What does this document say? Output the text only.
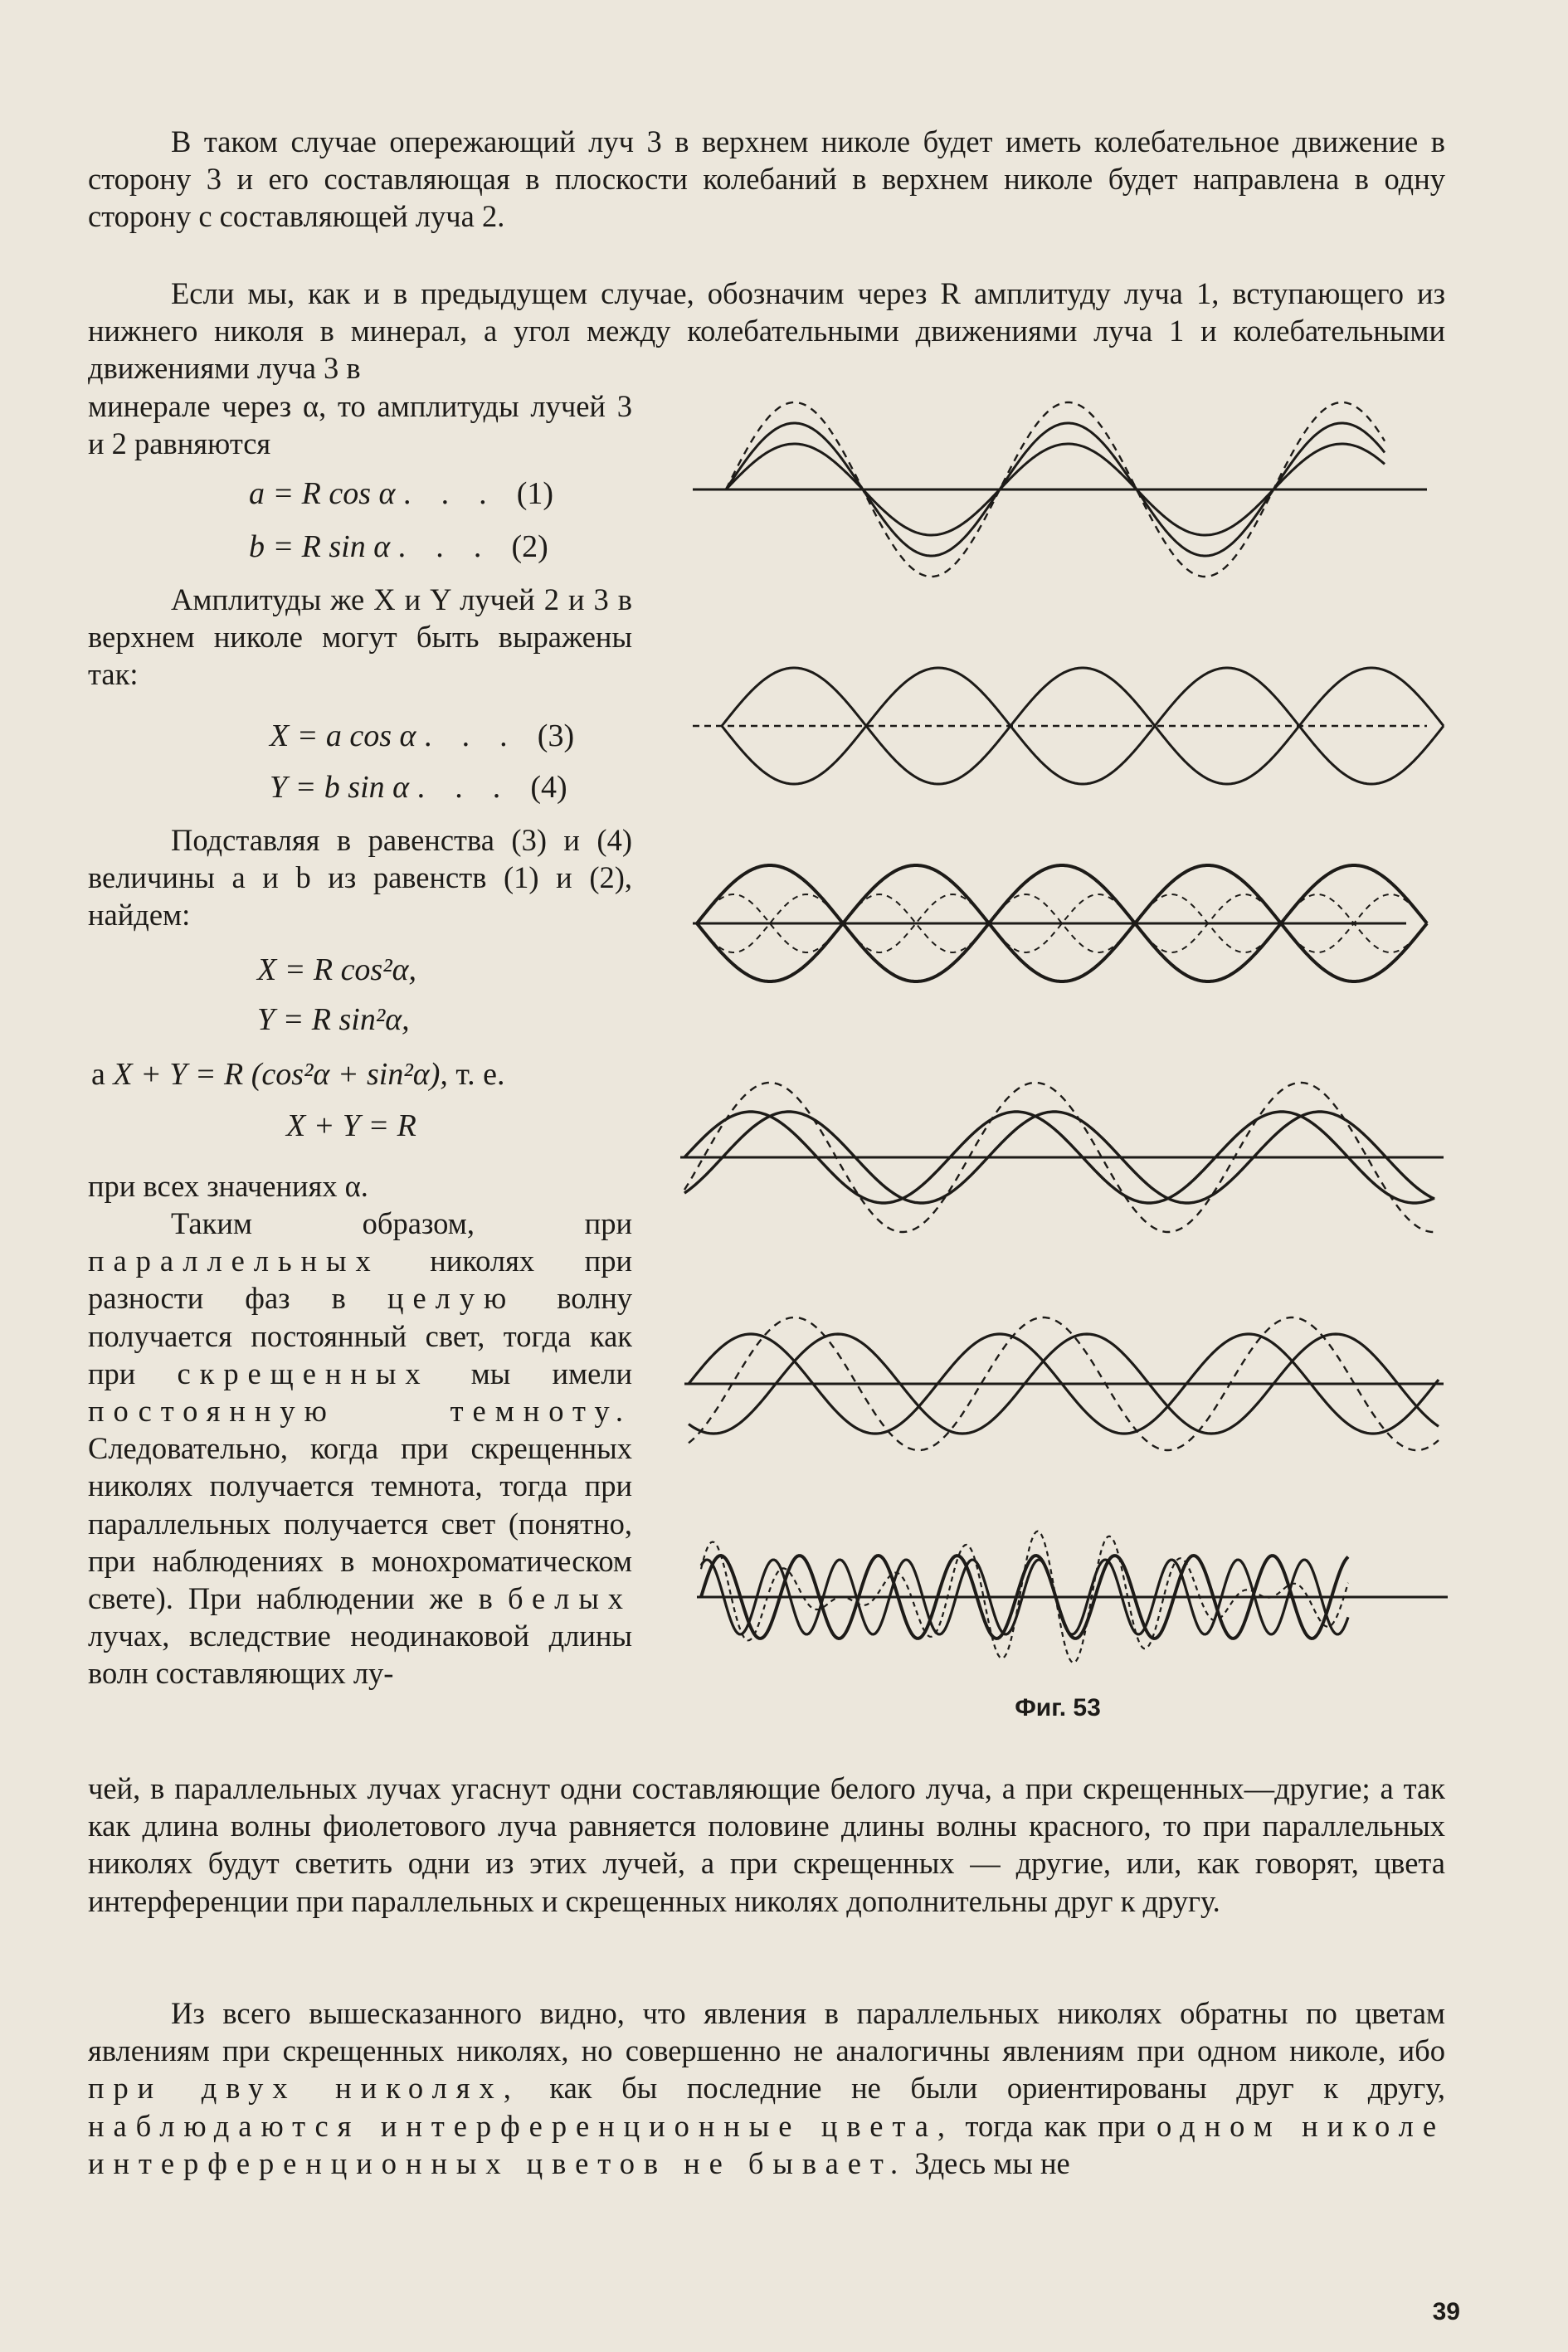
В таком случае опережающий луч 3 в верхнем николе будет иметь колебательное движение в сторону 3 и его составляющая в плоскости колебаний в верхнем николе будет направлена в одну сторону с составляющей луча 2.

Если мы, как и в предыдущем случае, обозначим через R амплитуду луча 1, вступающего из нижнего николя в минерал, а угол между колебательными движениями луча 1 и колебательными движениями луча 3 в

минерале через α, то амплитуды лучей 3 и 2 равняются

a = R cos α . . . (1)
b = R sin α . . . (2)

Амплитуды же X и Y лучей 2 и 3 в верхнем николе могут быть выражены так:

X = a cos α . . . (3)
Y = b sin α . . . (4)

Подставляя в равенства (3) и (4) величины a и b из равенств (1) и (2), найдем:

X = R cos²α,
Y = R sin²α,
а X + Y = R (cos²α + sin²α), т. е.
X + Y = R

при всех значениях α.

Таким образом, при параллельных николях при разности фаз в целую волну получается постоянный свет, тогда как при скрещенных мы имели постоянную темноту. Следовательно, когда при скрещенных николях получается темнота, тогда при параллельных получается свет (понятно, при наблюдениях в монохроматическом свете). При наблюдении же в белых лучах, вследствие неодинаковой длины волн составляющих лу-

чей, в параллельных лучах угаснут одни составляющие белого луча, а при скрещенных—другие; а так как длина волны фиолетового луча равняется половине длины волны красного, то при параллельных николях будут светить одни из этих лучей, а при скрещенных — другие, или, как говорят, цвета интерференции при параллельных и скрещенных николях дополнительны друг к другу.

Из всего вышесказанного видно, что явления в параллельных николях обратны по цветам явлениям при скрещенных николях, но совершенно не аналогичны явлениям при одном николе, ибо при двух николях, как бы последние не были ориентированы друг к другу, наблюдаются интерференционные цвета, тогда как при одном николе интерференционных цветов не бывает. Здесь мы не

Фиг. 53
39
